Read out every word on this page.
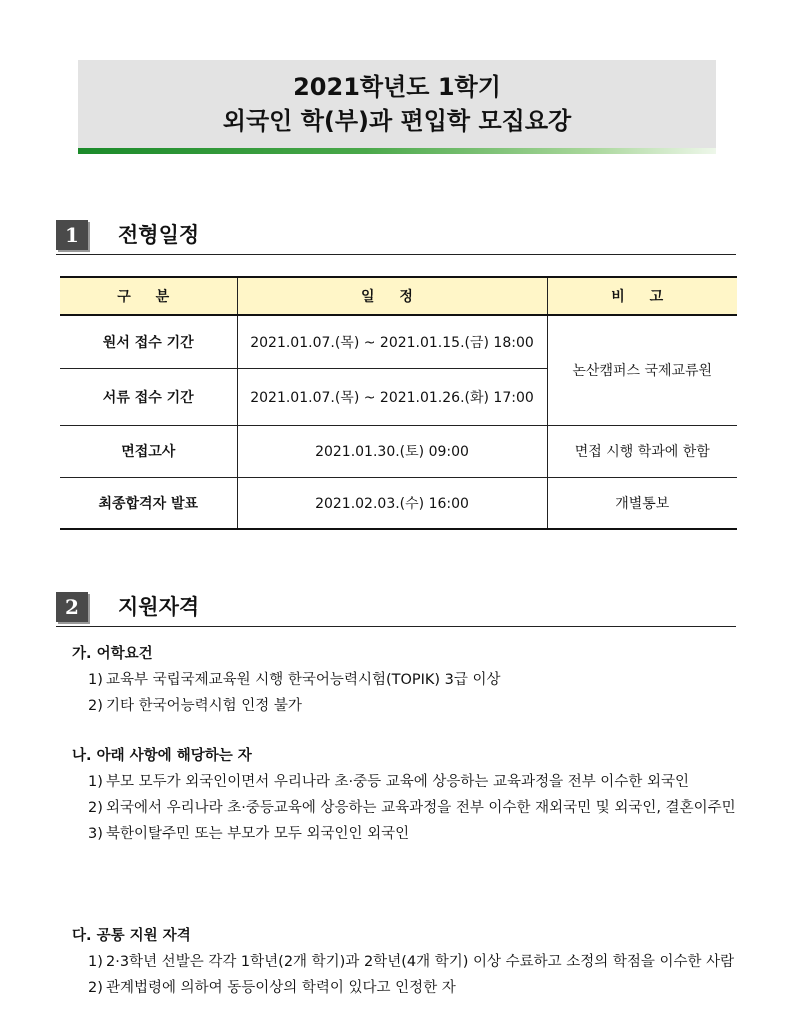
2021학년도 1학기
외국인 학(부)과 편입학 모집요강
1	전형일정
구 분	일 정	비 고
원서 접수 기간	2021.01.07.(목) ~ 2021.01.15.(금) 18:00	논산캠퍼스 국제교류원
서류 접수 기간	2021.01.07.(목) ~ 2021.01.26.(화) 17:00	
면접고사	2021.01.30.(토) 09:00	면접 시행 학과에 한함
최종합격자 발표	2021.02.03.(수) 16:00	개별통보
2	지원자격
가. 어학요건
1) 교육부 국립국제교육원 시행 한국어능력시험(TOPIK) 3급 이상
2) 기타 한국어능력시험 인정 불가
나. 아래 사항에 해당하는 자
1) 부모 모두가 외국인이면서 우리나라 초·중등 교육에 상응하는 교육과정을 전부 이수한 외국인
2) 외국에서 우리나라 초·중등교육에 상응하는 교육과정을 전부 이수한 재외국민 및 외국인, 결혼이주민
3) 북한이탈주민 또는 부모가 모두 외국인인 외국인
다. 공통 지원 자격
1) 2·3학년 선발은 각각 1학년(2개 학기)과 2학년(4개 학기) 이상 수료하고 소정의 학점을 이수한 사람
2) 관계법령에 의하여 동등이상의 학력이 있다고 인정한 자
